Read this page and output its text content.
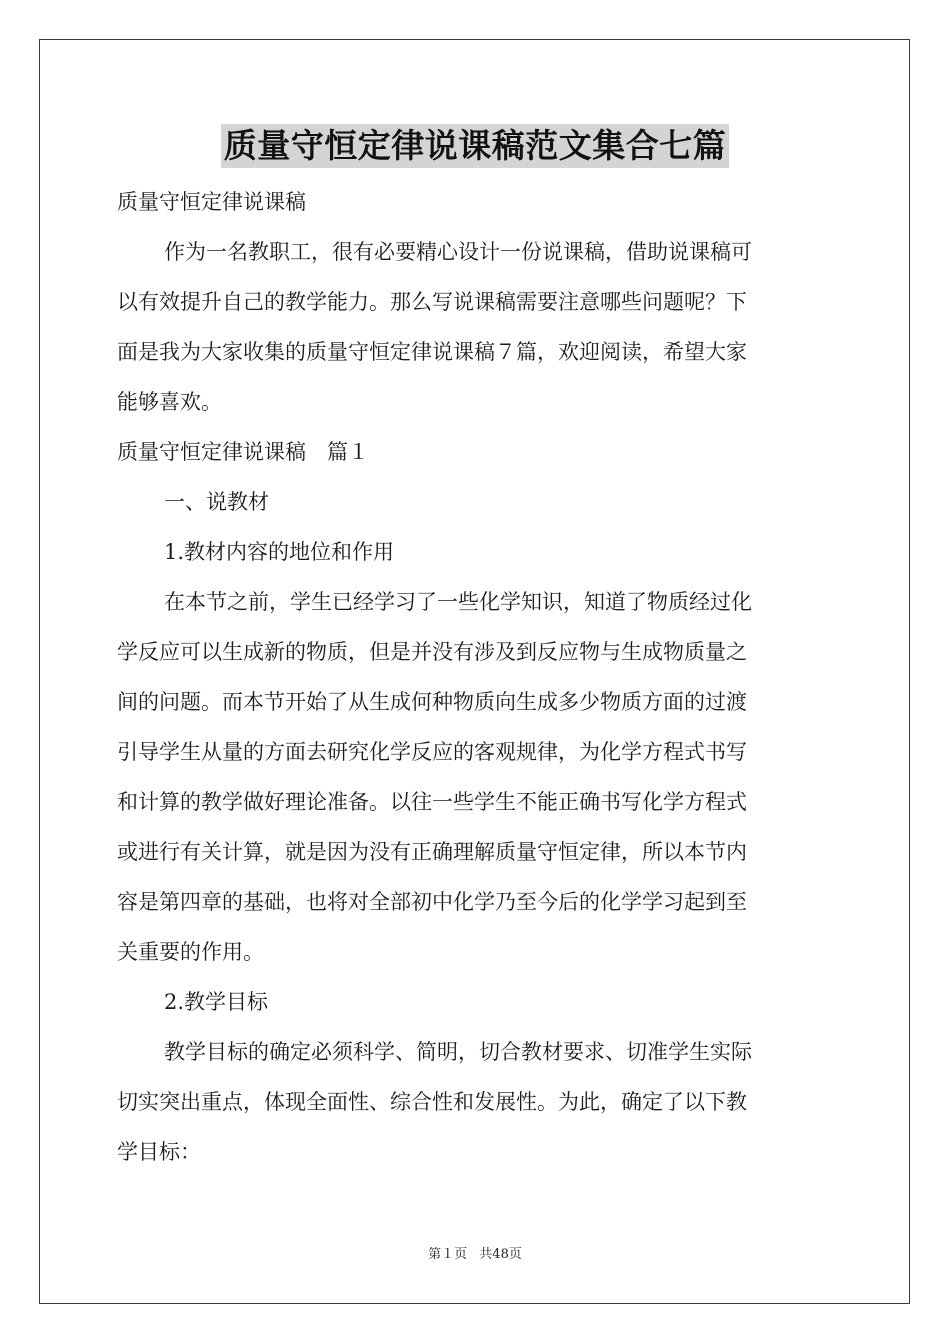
质量守恒定律说课稿范文集合七篇
质量守恒定律说课稿
作为一名教职工，很有必要精心设计一份说课稿，借助说课稿可
以有效提升自己的教学能力。那么写说课稿需要注意哪些问题呢？下
面是我为大家收集的质量守恒定律说课稿７篇，欢迎阅读，希望大家
能够喜欢。
质量守恒定律说课稿　篇１
一、说教材
1.教材内容的地位和作用
在本节之前，学生已经学习了一些化学知识，知道了物质经过化
学反应可以生成新的物质，但是并没有涉及到反应物与生成物质量之
间的问题。而本节开始了从生成何种物质向生成多少物质方面的过渡
引导学生从量的方面去研究化学反应的客观规律，为化学方程式书写
和计算的教学做好理论准备。以往一些学生不能正确书写化学方程式
或进行有关计算，就是因为没有正确理解质量守恒定律，所以本节内
容是第四章的基础，也将对全部初中化学乃至今后的化学学习起到至
关重要的作用。
2.教学目标
教学目标的确定必须科学、简明，切合教材要求、切准学生实际
切实突出重点，体现全面性、综合性和发展性。为此，确定了以下教
学目标：
第１页 共48页
